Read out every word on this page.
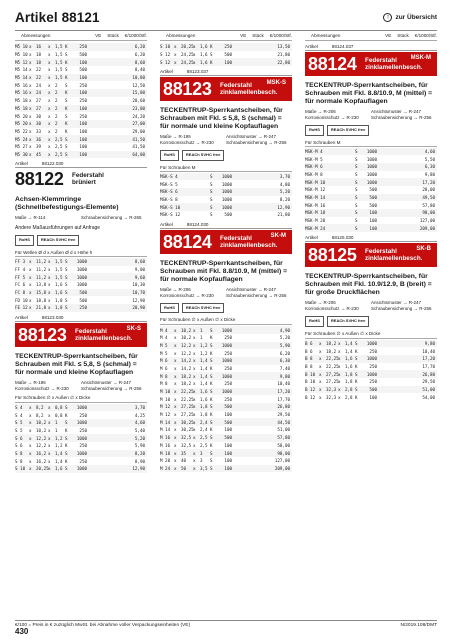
Artikel 88121	↑ zur Übersicht
Abmessungen	VE Stück €/1000/Stf.
M5 10 x	16	x	1,5 K	250	6,20
M5 10 x	18	x	1,5 S	500	6,20
M5 12 x	18	x	1,5 K	100	8,60
M5 14 x	22	x	1,5 S	500	8,40
M5 14 x	22	x	1,5 K	100	10,80
M5 16 x	24	x	2	S	250	12,50
M5 16 x	24	x	2	K	100	15,00
M5 18 x	27	x	2	S	250	20,60
M5 18 x	27	x	2	K	100	23,00
M5 20 x	30	x	2	S	250	24,20
M5 20 x	30	x	2	K	100	27,00
M5 22 x	33	x	2	K	100	29,00
M5 24 x	36	x	2,5 S	100	41,50
M5 27 x	39	x	2,5 S	100	41,50
M5 30 x	45	x	2,5 S	100	64,00
Artikel	88122.030
88122 Federstahl
brüniert
Achsen-Klemmringe (Schnellbefestigungs-Elemente)
Maße → R-114	Schraubensicherung → R-265
Andere Maßausführungen auf Anfrage
RoHS	REACh SVHC free
Für Wellen Ø d x Außen Ø d x Höhe h
FF 3 x	11,2 x	1,5 S	1000	8,60
FF 4 x	11,2 x	1,5 S	1000	9,00
FF 5 x	11,2 x	1,5 S	1000	9,60
FC 6 x	13,8 x	1,6 S	1000	10,30
FC 8 x	15,8 x	1,6 S	500	10,70
FD 10 x	18,8 x	1,8 S	500	12,90
FE 12 x	21,8 x	1,8 S	250	20,90
Artikel	88123.030
88123 Federstahl
zinklamellenbesch.
SK-S
TECKENTRUP-Sperrkantscheiben, für Schrauben mit Fkl. ≤ 5,8, S (schmal) = für normale und kleine Kopfauflagen
Maße → R-195	Ansichtsmuster → R-247
Korrosionsschutz → R-230	Schraubensicherung → R-256
Für Schrauben ∅ x Außen ∅ x Dicke
S 4	x	8,2	x	0,8 S	1000	3,70
S 4	x	8,2	x	0,8 K	250	4,25
S 5	x	10,2 x	1	S	1000	4,60
S 5	x	10,2 x	1	K	250	5,40
S 6	x	12,2 x	1,2 S	1000	5,20
S 6	x	12,2 x	1,2 K	250	5,90
S 8	x	16,2 x	1,4 S	1000	8,20
S 8	x	16,2 x	1,4 K	250	8,90
S 10 x	20,25 x	1,6 S	1000	12,90
Abmessungen	VE Stück €/1000/Stf.
S 10 x	20,25 x	1,6 K	250	13,50
S 12 x	24,25 x	1,6 S	500	21,80
S 12 x	24,25 x	1,6 K	100	22,80
Artikel	88123.037
88123 Federstahl
zinklamellenbesch.
MSK-S
TECKENTRUP-Sperrkantscheiben, für Schrauben mit Fkl. ≤ 5,8, S (schmal) = für normale und kleine Kopfauflagen
Maße → R-195	Ansichtsmuster → R-247
Korrosionsschutz → R-230	Schraubensicherung → R-256
RoHS	REACh SVHC free
Für Schrauben M
MSK-S 4	S	1000	3,70
MSK-S 5	S	1000	4,80
MSK-S 6	S	1000	5,20
MSK-S 8	S	1000	8,20
MSK-S 10	S	1000	12,90
MSK-S 12	S	500	21,80
Artikel	88124.030
88124 Federstahl
zinklamellenbesch.
SK-M
TECKENTRUP-Sperrkantscheiben, für Schrauben mit Fkl. 8.8/10.9, M (mittel) = für normale Kopfauflagen
Maße → R-206	Ansichtsmuster → R-247
Korrosionsschutz → R-230	Schraubensicherung → R-256
RoHS	REACh SVHC free
Für Schrauben ∅ x Außen ∅ x Dicke
M 4	x	10,2 x	1	S	1000	4,90
M 4	x	10,2 x	1	K	250	5,20
M 5	x	12,2 x	1,2 S	1000	5,90
M 5	x	12,2 x	1,2 K	250	6,20
M 6	x	14,2 x	1,4 S	1000	6,30
M 6	x	14,2 x	1,4 K	250	7,40
M 8	x	18,2 x	1,4 S	1000	9,80
M 8	x	18,2 x	1,4 K	250	10,40
M 10 x	22,25 x	1,6 S	1000	17,20
M 10 x	22,25 x	1,6 K	250	17,70
M 12 x	27,25 x	1,8 S	500	26,80
M 12 x	27,25 x	1,8 K	100	29,50
M 14 x	30,25 x	2,4 S	500	44,50
M 14 x	30,25 x	2,4 K	100	51,00
M 16 x	32,5 x	2,5 S	500	57,80
M 16 x	32,5 x	2,5 K	100	58,00
M 18 x	35	x	3	S	100	98,00
M 20 x	40	x	3	S	100	127,00
M 24 x	50	x	3,5 S	100	209,00
Abmessungen	VE Stück €/1000/Stf.
Artikel	88124.037
88124 Federstahl
zinklamellenbesch.
MSK-M
TECKENTRUP-Sperrkantscheiben, für Schrauben mit Fkl. 8.8/10.9, M (mittel) = für normale Kopfauflagen
Maße → R-206	Ansichtsmuster → R-247
Korrosionsschutz → R-230	Schraubensicherung → R-256
RoHS	REACh SVHC free
Für Schrauben M
MSK-M 4	S	1000	4,60
MSK-M 5	S	1000	5,50
MSK-M 6	S	1000	6,30
MSK-M 8	S	1000	9,80
MSK-M 10	S	1000	17,20
MSK-M 12	S	500	28,00
MSK-M 14	S	500	49,50
MSK-M 16	S	500	57,80
MSK-M 18	S	100	98,00
MSK-M 20	S	100	127,00
MSK-M 24	S	100	209,00
Artikel	88125.030
88125 Federstahl
zinklamellenbesch.
SK-B
TECKENTRUP-Sperrkantscheiben, für Schrauben mit Fkl. 10.9/12.9, B (breit) = für große Druckflächen
Maße → R-206	Ansichtsmuster → R-247
Korrosionsschutz → R-230	Schraubensicherung → R-256
RoHS	REACh SVHC free
Für Schrauben ∅ x Außen ∅ x Dicke
B 6	x	18,2 x	1,4 S	1000	9,80
B 6	x	18,2 x	1,4 K	250	10,40
B 8	x	22,25 x	1,6 S	1000	17,20
B 8	x	22,25 x	1,6 K	250	17,70
B 10 x	27,25 x	1,8 S	1000	26,80
B 10 x	27,25 x	1,8 K	250	29,50
B 12 x	32,3 x	2,8 S	500	51,00
B 12 x	32,3 x	2,8 K	100	54,00
€/100 = Preis in € zuzüglich MwSt. bei Abnahme voller Verpackungseinheiten (VE)	N/2019.108/DMT
430
